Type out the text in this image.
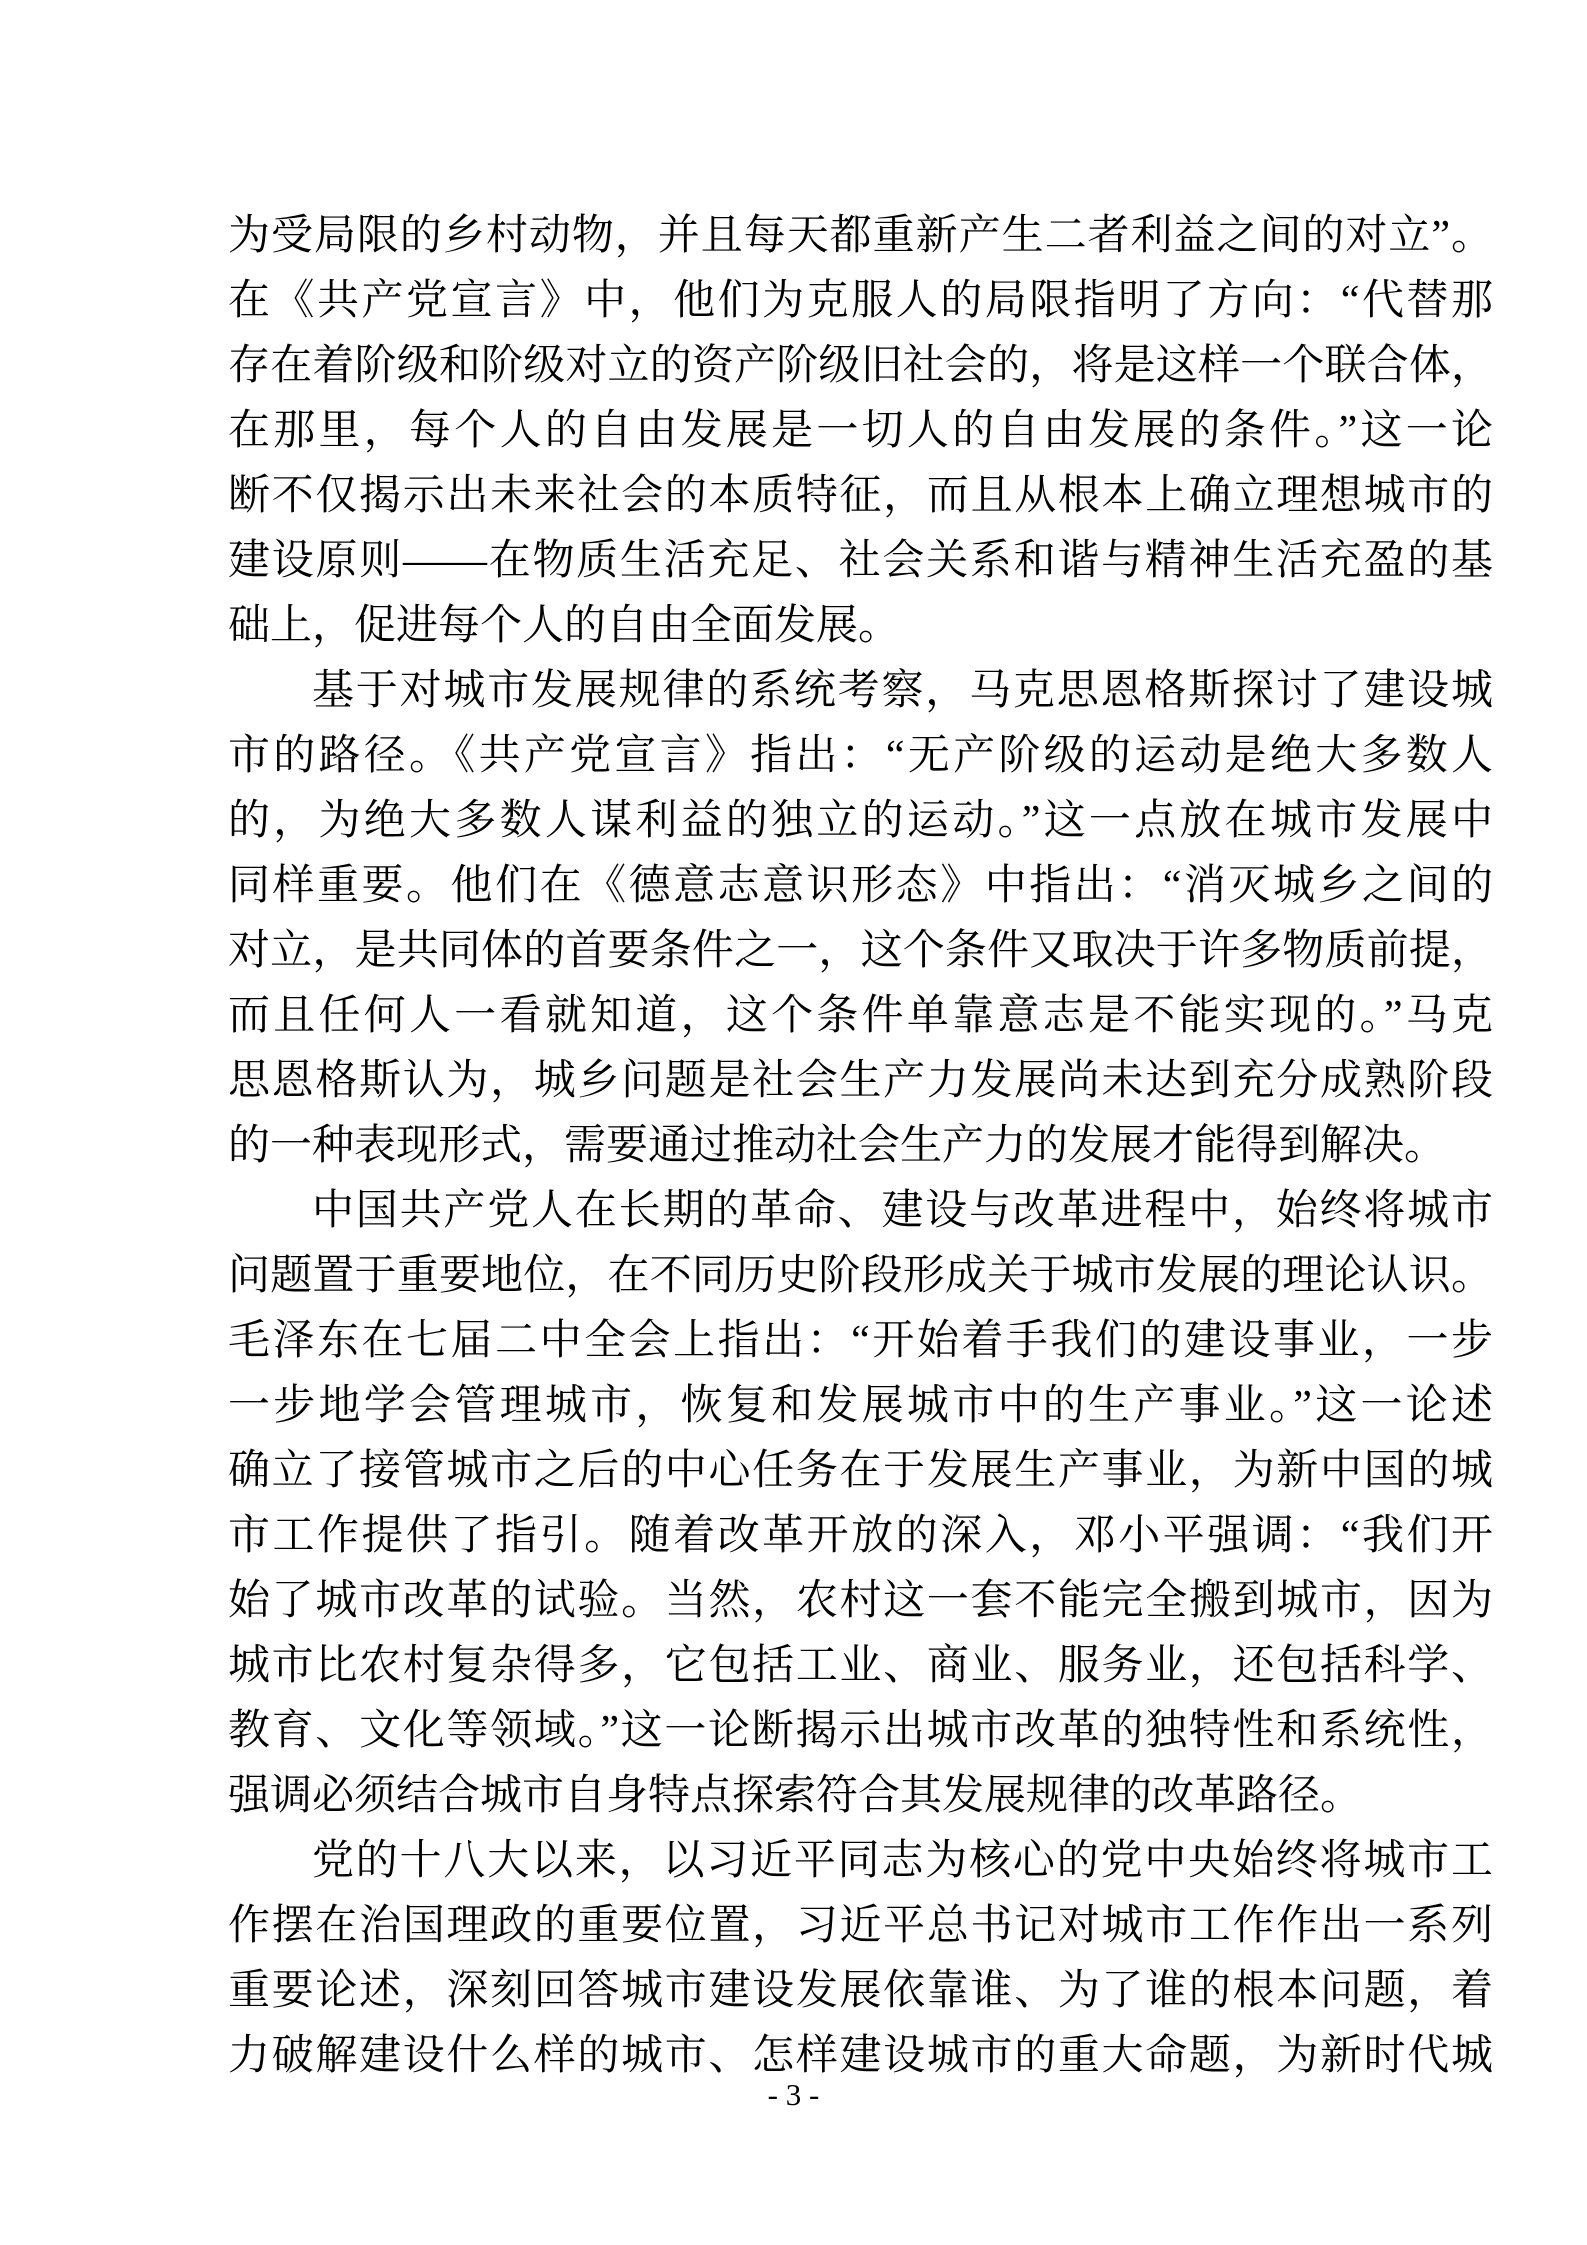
为受局限的乡村动物，并且每天都重新产生二者利益之间的对立”。
在《共产党宣言》中，他们为克服人的局限指明了方向：“代替那
存在着阶级和阶级对立的资产阶级旧社会的，将是这样一个联合体，
在那里，每个人的自由发展是一切人的自由发展的条件。”这一论
断不仅揭示出未来社会的本质特征，而且从根本上确立理想城市的
建设原则——在物质生活充足、社会关系和谐与精神生活充盈的基
础上，促进每个人的自由全面发展。
基于对城市发展规律的系统考察，马克思恩格斯探讨了建设城
市的路径。《共产党宣言》指出：“无产阶级的运动是绝大多数人
的，为绝大多数人谋利益的独立的运动。”这一点放在城市发展中
同样重要。他们在《德意志意识形态》中指出：“消灭城乡之间的
对立，是共同体的首要条件之一，这个条件又取决于许多物质前提，
而且任何人一看就知道，这个条件单靠意志是不能实现的。”马克
思恩格斯认为，城乡问题是社会生产力发展尚未达到充分成熟阶段
的一种表现形式，需要通过推动社会生产力的发展才能得到解决。
中国共产党人在长期的革命、建设与改革进程中，始终将城市
问题置于重要地位，在不同历史阶段形成关于城市发展的理论认识。
毛泽东在七届二中全会上指出：“开始着手我们的建设事业，一步
一步地学会管理城市，恢复和发展城市中的生产事业。”这一论述
确立了接管城市之后的中心任务在于发展生产事业，为新中国的城
市工作提供了指引。随着改革开放的深入，邓小平强调：“我们开
始了城市改革的试验。当然，农村这一套不能完全搬到城市，因为
城市比农村复杂得多，它包括工业、商业、服务业，还包括科学、
教育、文化等领域。”这一论断揭示出城市改革的独特性和系统性，
强调必须结合城市自身特点探索符合其发展规律的改革路径。
党的十八大以来，以习近平同志为核心的党中央始终将城市工
作摆在治国理政的重要位置，习近平总书记对城市工作作出一系列
重要论述，深刻回答城市建设发展依靠谁、为了谁的根本问题，着
力破解建设什么样的城市、怎样建设城市的重大命题，为新时代城
- 3 -
